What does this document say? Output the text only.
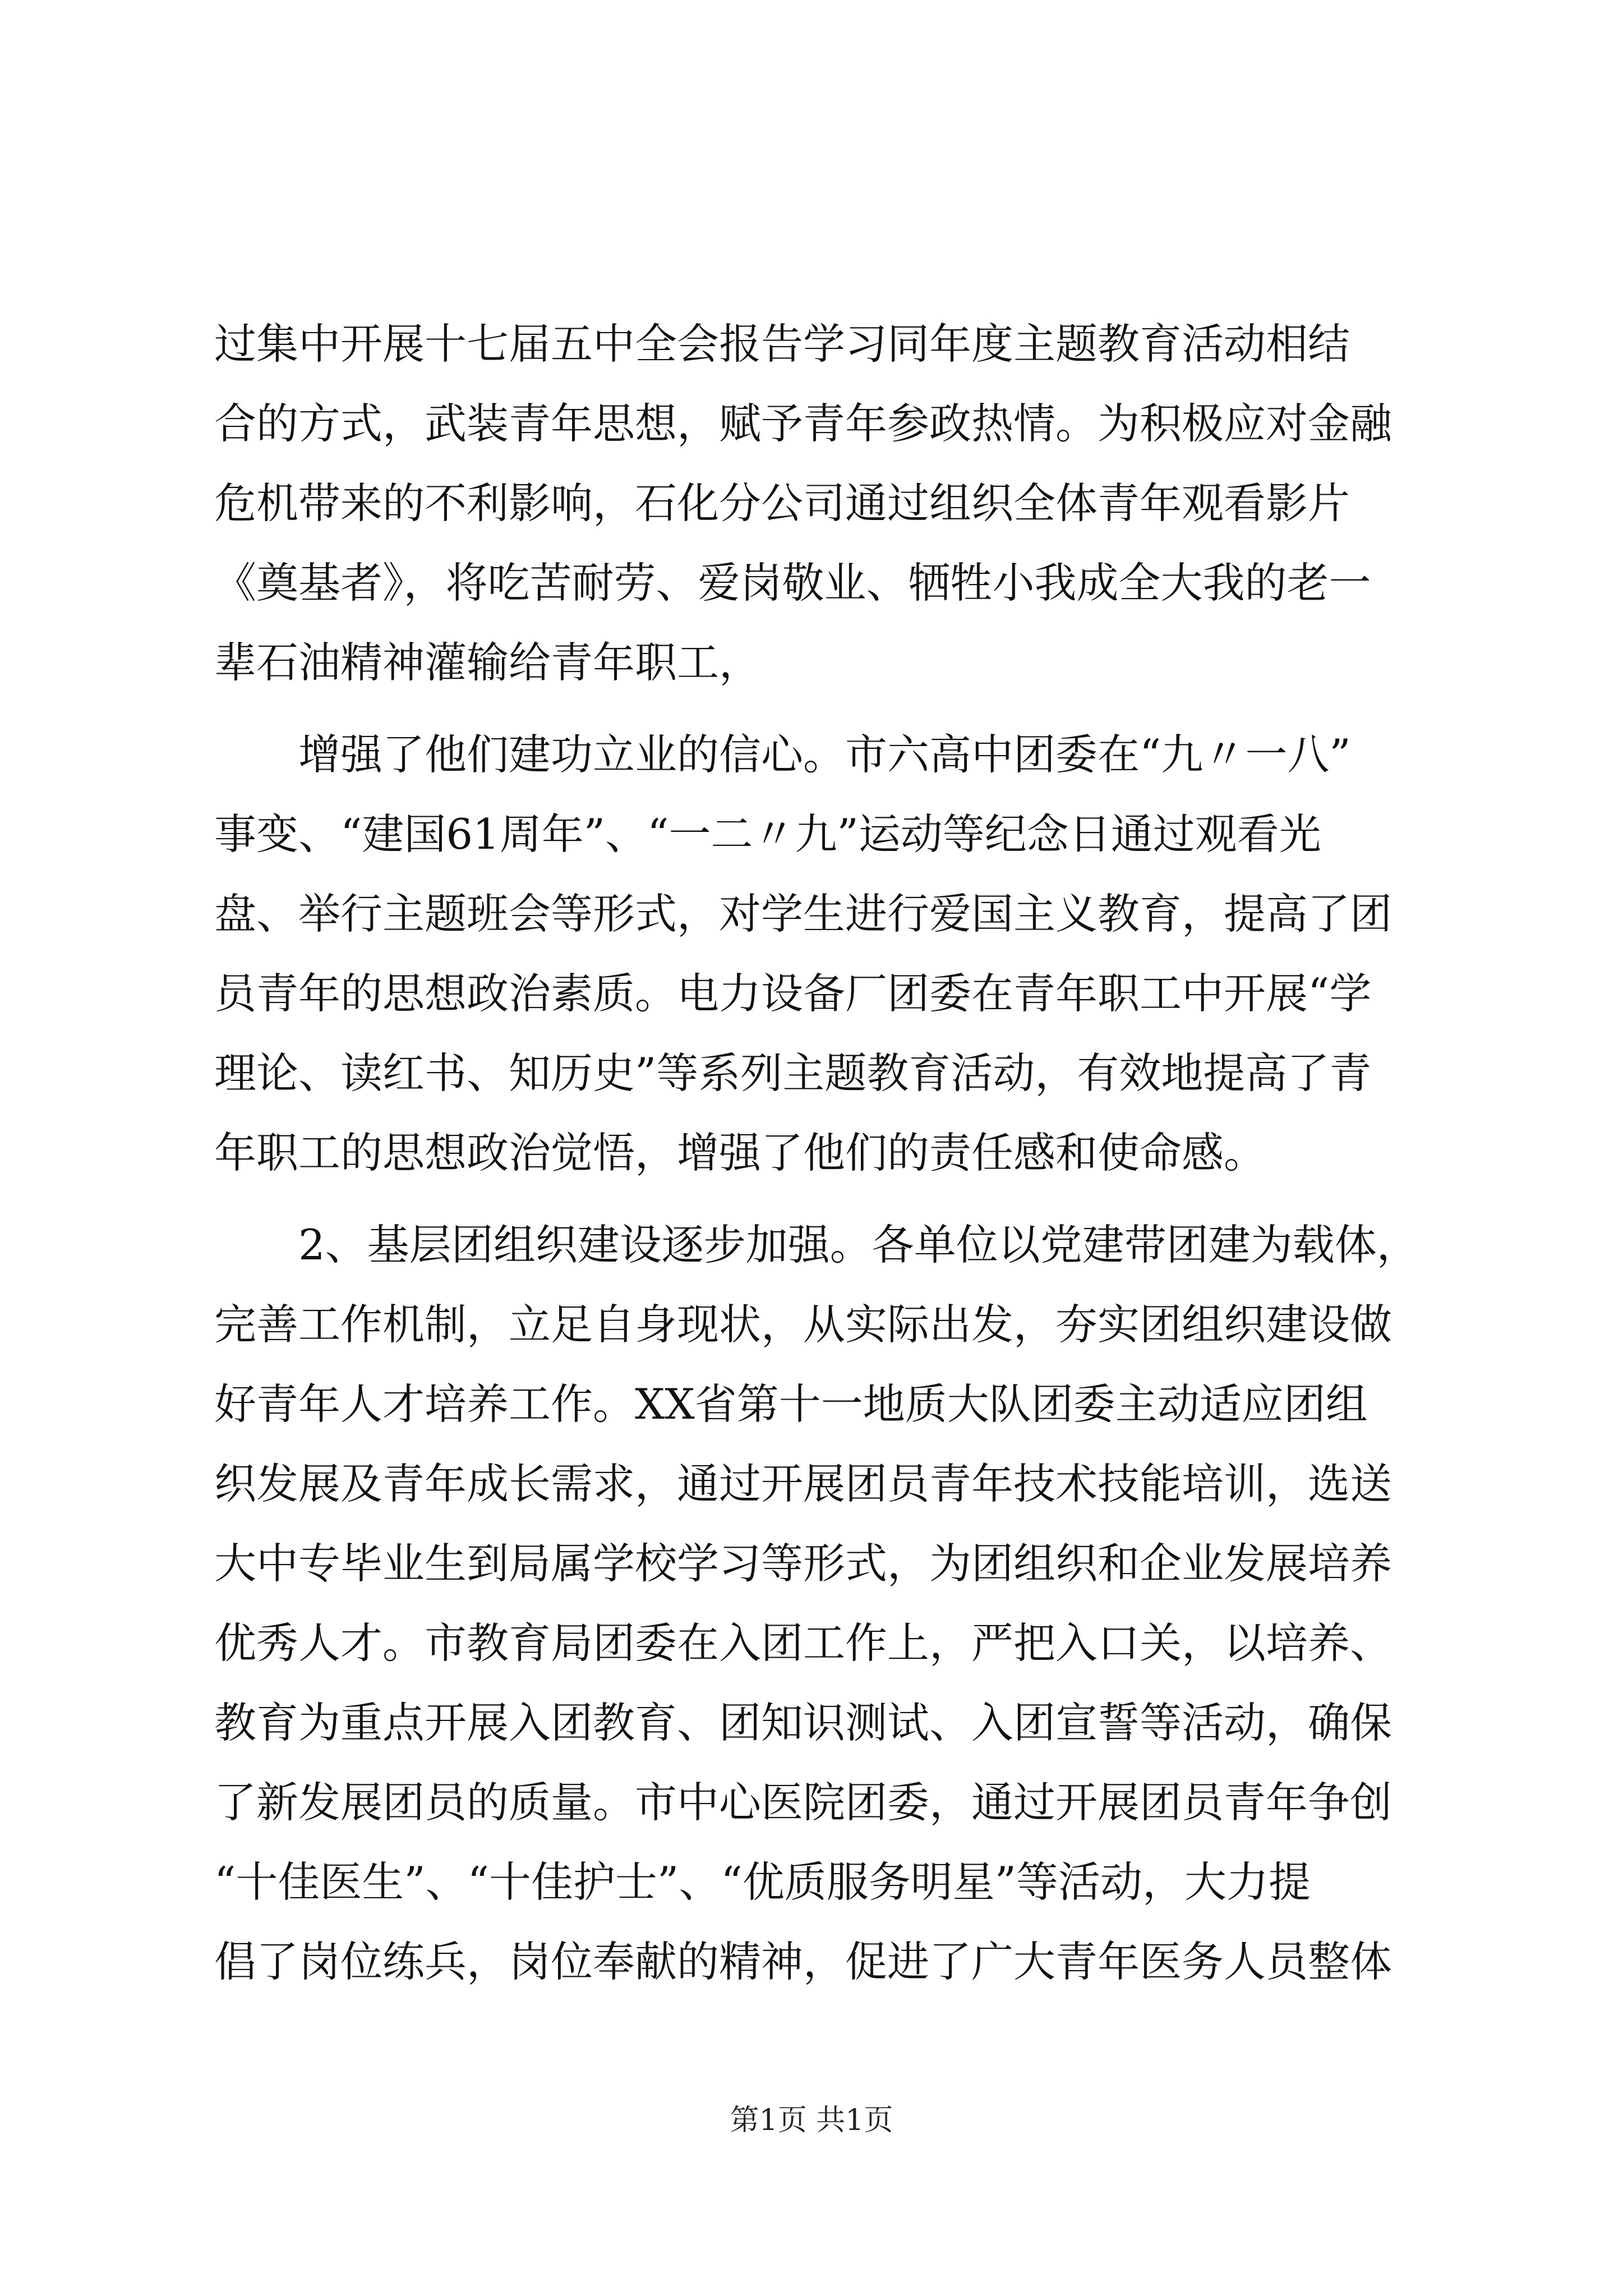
过集中开展十七届五中全会报告学习同年度主题教育活动相结
合的方式，武装青年思想，赋予青年参政热情。为积极应对金融
危机带来的不利影响，石化分公司通过组织全体青年观看影片
《奠基者》，将吃苦耐劳、爱岗敬业、牺牲小我成全大我的老一
辈石油精神灌输给青年职工，
增强了他们建功立业的信心。市六高中团委在“九〃一八”
事变、“建国61周年”、“一二〃九”运动等纪念日通过观看光
盘、举行主题班会等形式，对学生进行爱国主义教育，提高了团
员青年的思想政治素质。电力设备厂团委在青年职工中开展“学
理论、读红书、知历史”等系列主题教育活动，有效地提高了青
年职工的思想政治觉悟，增强了他们的责任感和使命感。
2、基层团组织建设逐步加强。各单位以党建带团建为载体，
完善工作机制，立足自身现状，从实际出发，夯实团组织建设做
好青年人才培养工作。XX省第十一地质大队团委主动适应团组
织发展及青年成长需求，通过开展团员青年技术技能培训，选送
大中专毕业生到局属学校学习等形式，为团组织和企业发展培养
优秀人才。市教育局团委在入团工作上，严把入口关，以培养、
教育为重点开展入团教育、团知识测试、入团宣誓等活动，确保
了新发展团员的质量。市中心医院团委，通过开展团员青年争创
“十佳医生”、“十佳护士”、“优质服务明星”等活动，大力提
倡了岗位练兵，岗位奉献的精神，促进了广大青年医务人员整体
第1页 共1页
